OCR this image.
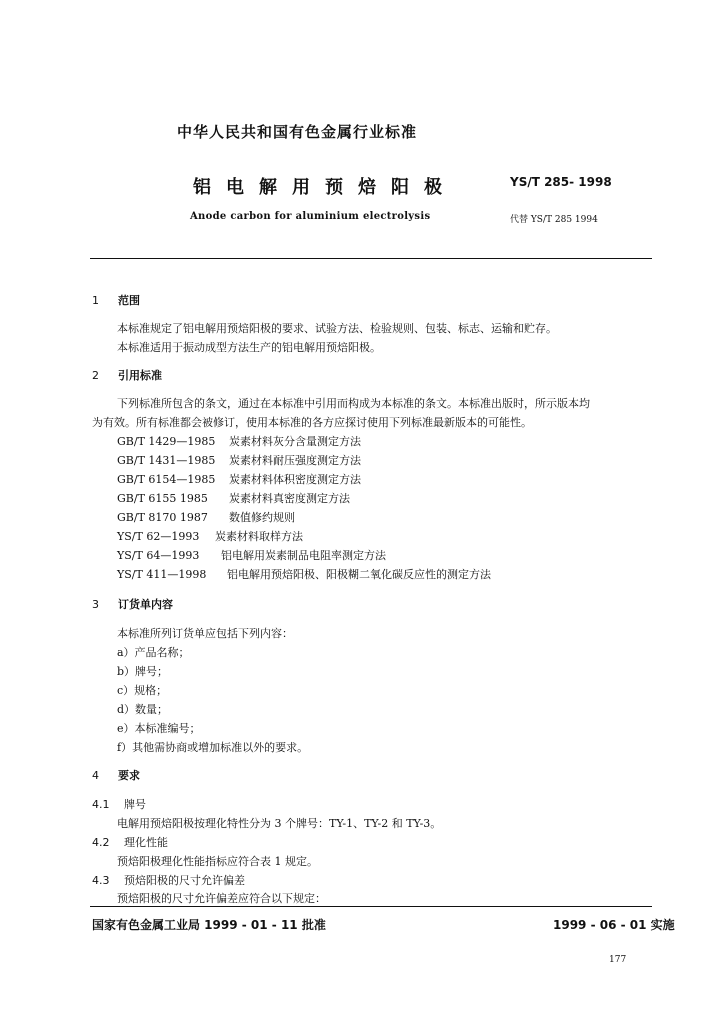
中华人民共和国有色金属行业标准
铝电解用预焙阳极	YS/T 285- 1998
Anode carbon for aluminium electrolysis	代替 YS/T 285 1994
1 范围
本标准规定了铝电解用预焙阳极的要求、试验方法、检验规则、包装、标志、运输和贮存。
本标准适用于振动成型方法生产的铝电解用预焙阳极。
2 引用标准
下列标准所包含的条文，通过在本标准中引用而构成为本标准的条文。本标准出版时，所示版本均
为有效。所有标准都会被修订，使用本标准的各方应探讨使用下列标准最新版本的可能性。
GB/T 1429—1985 炭素材料灰分含量测定方法
GB/T 1431—1985 炭素材料耐压强度测定方法
GB/T 6154—1985 炭素材料体积密度测定方法
GB/T 6155 1985 炭素材料真密度测定方法
GB/T 8170 1987 数值修约规则
YS/T 62—1993 炭素材料取样方法
YS/T 64—1993 铝电解用炭素制品电阻率测定方法
YS/T 411—1998 铝电解用预焙阳极、阳极糊二氧化碳反应性的测定方法
3 订货单内容
本标准所列订货单应包括下列内容：
a）产品名称；
b）牌号；
c）规格；
d）数量；
e）本标准编号；
f）其他需协商或增加标准以外的要求。
4 要求
4.1 牌号
电解用预焙阳极按理化特性分为 3 个牌号：TY-1、TY-2 和 TY-3。
4.2 理化性能
预焙阳极理化性能指标应符合表 1 规定。
4.3 预焙阳极的尺寸允许偏差
预焙阳极的尺寸允许偏差应符合以下规定：
国家有色金属工业局 1999 - 01 - 11 批准	1999 - 06 - 01 实施
177
